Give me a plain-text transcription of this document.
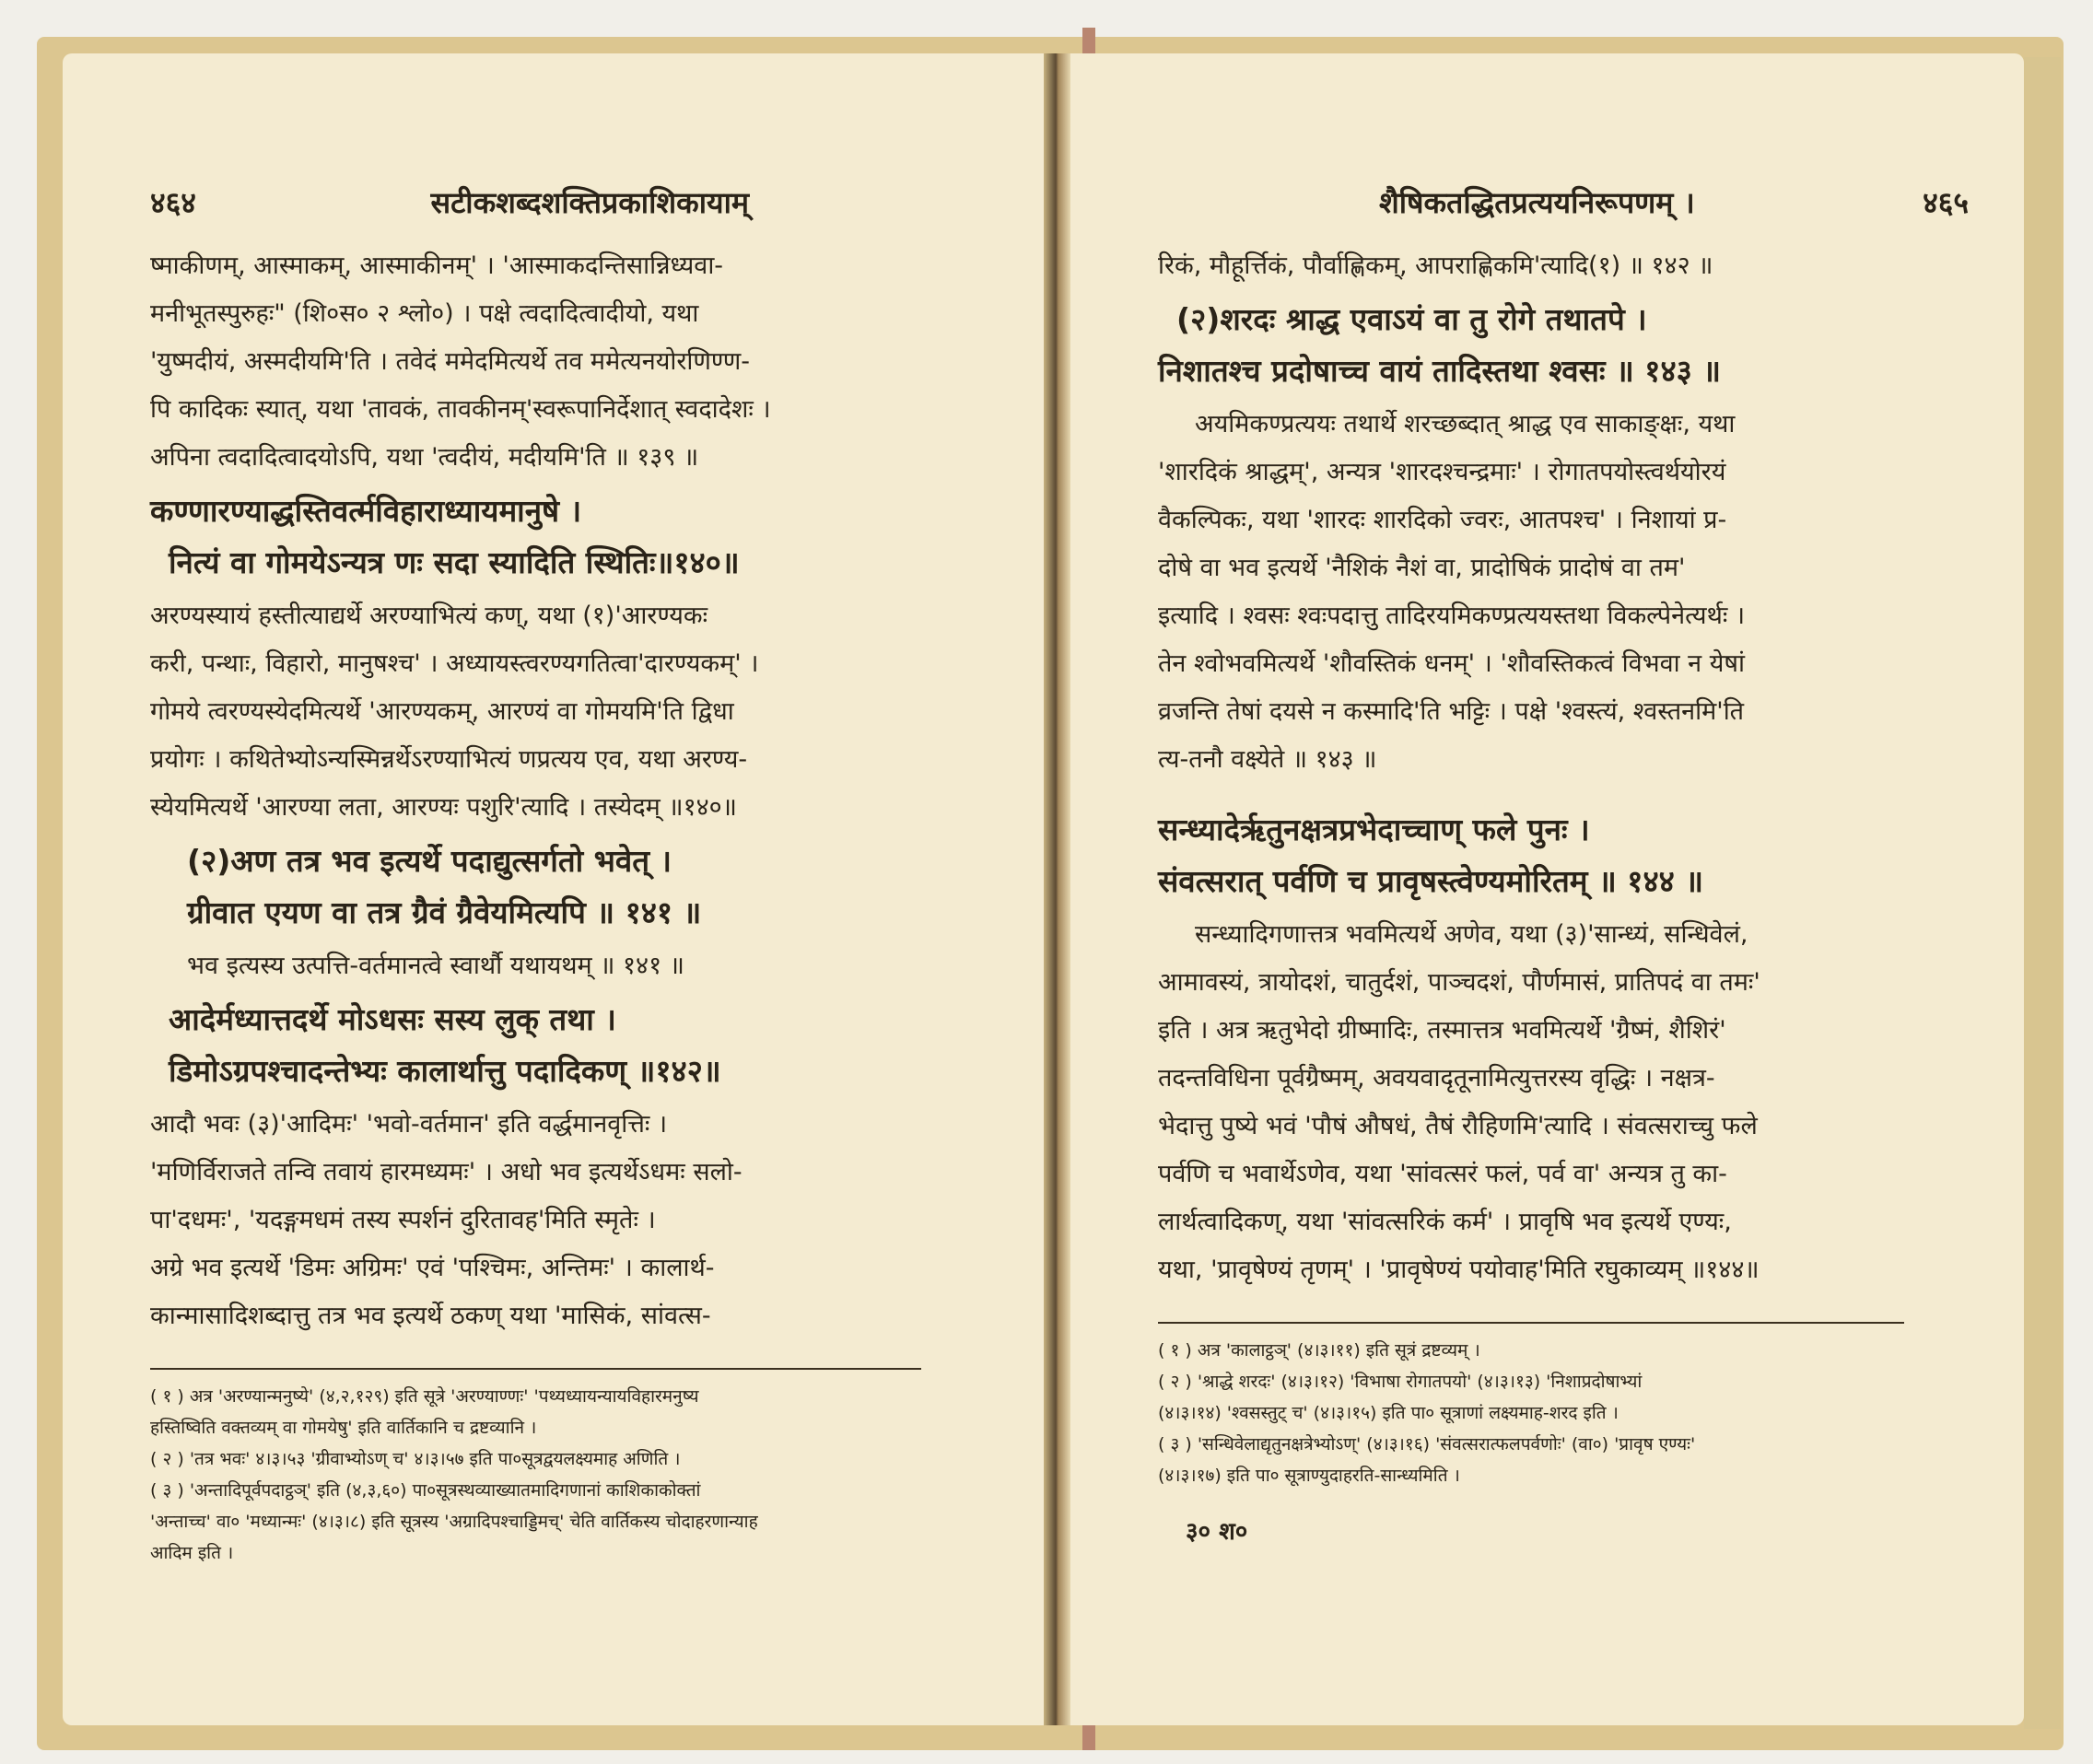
४६४	सटीकशब्दशक्तिप्रकाशिकायाम्

ष्माकीणम्, आस्माकम्, आस्माकीनम्' । 'आस्माकदन्तिसान्निध्यवा-

मनीभूतस्पुरुहः" (शि०स० २ श्लो०) । पक्षे त्वदादित्वादीयो, यथा

'युष्मदीयं, अस्मदीयमि'ति । तवेदं ममेदमित्यर्थे तव ममेत्यनयोरणिण्ण-

पि कादिकः स्यात्, यथा 'तावकं, तावकीनम्'स्वरूपानिर्देशात् स्वदादेशः ।

अपिना त्वदादित्वादयोऽपि, यथा 'त्वदीयं, मदीयमि'ति ॥ १३९ ॥

कण्णारण्याद्धस्तिवर्त्मविहाराध्यायमानुषे ।
नित्यं वा गोमयेऽन्यत्र णः सदा स्यादिति स्थितिः॥१४०॥

अरण्यस्यायं हस्तीत्याद्यर्थे अरण्याभित्यं कण्, यथा (१)'आरण्यकः

करी, पन्थाः, विहारो, मानुषश्च' । अध्यायस्त्वरण्यगतित्वा'दारण्यकम्' ।

गोमये त्वरण्यस्येदमित्यर्थे 'आरण्यकम्, आरण्यं वा गोमयमि'ति द्विधा

प्रयोगः । कथितेभ्योऽन्यस्मिन्नर्थेऽरण्याभित्यं णप्रत्यय एव, यथा अरण्य-

स्येयमित्यर्थे 'आरण्या लता, आरण्यः पशुरि'त्यादि । तस्येदम् ॥१४०॥

(२)अण तत्र भव इत्यर्थे पदाद्युत्सर्गतो भवेत् ।
ग्रीवात एयण वा तत्र ग्रैवं ग्रैवेयमित्यपि ॥ १४१ ॥

भव इत्यस्य उत्पत्ति-वर्तमानत्वे स्वार्थौ यथायथम् ॥ १४१ ॥

आदेर्मध्यात्तदर्थे मोऽधसः सस्य लुक् तथा ।
डिमोऽग्रपश्चादन्तेभ्यः कालार्थात्तु पदादिकण् ॥१४२॥

आदौ भवः (३)'आदिमः' 'भवो-वर्तमान' इति वर्द्धमानवृत्तिः ।

'मणिर्विराजते तन्वि तवायं हारमध्यमः' । अधो भव इत्यर्थेऽधमः सलो-

पा'दधमः', 'यदङ्गमधमं तस्य स्पर्शनं दुरितावह'मिति स्मृतेः ।

अग्रे भव इत्यर्थे 'डिमः अग्रिमः' एवं 'पश्चिमः, अन्तिमः' । कालार्थ-

कान्मासादिशब्दात्तु तत्र भव इत्यर्थे ठकण् यथा 'मासिकं, सांवत्स-

( १ ) अत्र 'अरण्यान्मनुष्ये' (४,२,१२९) इति सूत्रे 'अरण्याण्णः' 'पथ्यध्यायन्यायविहारमनुष्य

हस्तिष्विति वक्तव्यम् वा गोमयेषु' इति वार्तिकानि च द्रष्टव्यानि ।

( २ ) 'तत्र भवः' ४।३।५३ 'ग्रीवाभ्योऽण् च' ४।३।५७ इति पा०सूत्रद्वयलक्ष्यमाह अणिति ।

( ३ ) 'अन्तादिपूर्वपदाट्ठञ्' इति (४,३,६०) पा०सूत्रस्थव्याख्यातमादिगणानां काशिकाकोक्तां

'अन्ताच्च' वा० 'मध्यान्मः' (४।३।८) इति सूत्रस्य 'अग्रादिपश्चाड्डिमच्' चेति वार्तिकस्य चोदाहरणान्याह

आदिम इति ।

शैषिकतद्धितप्रत्ययनिरूपणम् ।	४६५

रिकं, मौहूर्त्तिकं, पौर्वाह्णिकम्, आपराह्णिकमि'त्यादि(१) ॥ १४२ ॥

(२)शरदः श्राद्ध एवाऽयं वा तु रोगे तथातपे ।
निशातश्च प्रदोषाच्च वायं तादिस्तथा श्वसः ॥ १४३ ॥

अयमिकण्प्रत्ययः तथार्थे शरच्छब्दात् श्राद्ध एव साकाङ्क्षः, यथा

'शारदिकं श्राद्धम्', अन्यत्र 'शारदश्चन्द्रमाः' । रोगातपयोस्त्वर्थयोरयं

वैकल्पिकः, यथा 'शारदः शारदिको ज्वरः, आतपश्च' । निशायां प्र-

दोषे वा भव इत्यर्थे 'नैशिकं नैशं वा, प्रादोषिकं प्रादोषं वा तम'

इत्यादि । श्वसः श्वःपदात्तु तादिरयमिकण्प्रत्ययस्तथा विकल्पेनेत्यर्थः ।

तेन श्वोभवमित्यर्थे 'शौवस्तिकं धनम्' । 'शौवस्तिकत्वं विभवा न येषां

व्रजन्ति तेषां दयसे न कस्मादि'ति भट्टिः । पक्षे 'श्वस्त्यं, श्वस्तनमि'ति

त्य-तनौ वक्ष्येते ॥ १४३ ॥

सन्ध्यादेर्ऋतुनक्षत्रप्रभेदाच्चाण् फले पुनः ।
संवत्सरात् पर्वणि च प्रावृषस्त्वेण्यमोरितम् ॥ १४४ ॥

सन्ध्यादिगणात्तत्र भवमित्यर्थे अणेव, यथा (३)'सान्ध्यं, सन्धिवेलं,

आमावस्यं, त्रायोदशं, चातुर्दशं, पाञ्चदशं, पौर्णमासं, प्रातिपदं वा तमः'

इति । अत्र ऋतुभेदो ग्रीष्मादिः, तस्मात्तत्र भवमित्यर्थे 'ग्रैष्मं, शैशिरं'

तदन्तविधिना पूर्वग्रैष्मम्, अवयवादृतूनामित्युत्तरस्य वृद्धिः । नक्षत्र-

भेदात्तु पुष्ये भवं 'पौषं औषधं, तैषं रौहिणमि'त्यादि । संवत्सराच्चु फले

पर्वणि च भवार्थेऽणेव, यथा 'सांवत्सरं फलं, पर्व वा' अन्यत्र तु का-

लार्थत्वादिकण्, यथा 'सांवत्सरिकं कर्म' । प्रावृषि भव इत्यर्थे एण्यः,

यथा, 'प्रावृषेण्यं तृणम्' । 'प्रावृषेण्यं पयोवाह'मिति रघुकाव्यम् ॥१४४॥

( १ ) अत्र 'कालाट्ठञ्' (४।३।११) इति सूत्रं द्रष्टव्यम् ।

( २ ) 'श्राद्धे शरदः' (४।३।१२) 'विभाषा रोगातपयो' (४।३।१३) 'निशाप्रदोषाभ्यां

(४।३।१४) 'श्वसस्तुट् च' (४।३।१५) इति पा० सूत्राणां लक्ष्यमाह-शरद इति ।

( ३ ) 'सन्धिवेलाद्यृतुनक्षत्रेभ्योऽण्' (४।३।१६) 'संवत्सरात्फलपर्वणोः' (वा०) 'प्रावृष एण्यः'

(४।३।१७) इति पा० सूत्राण्युदाहरति-सान्ध्यमिति ।

३० श०
